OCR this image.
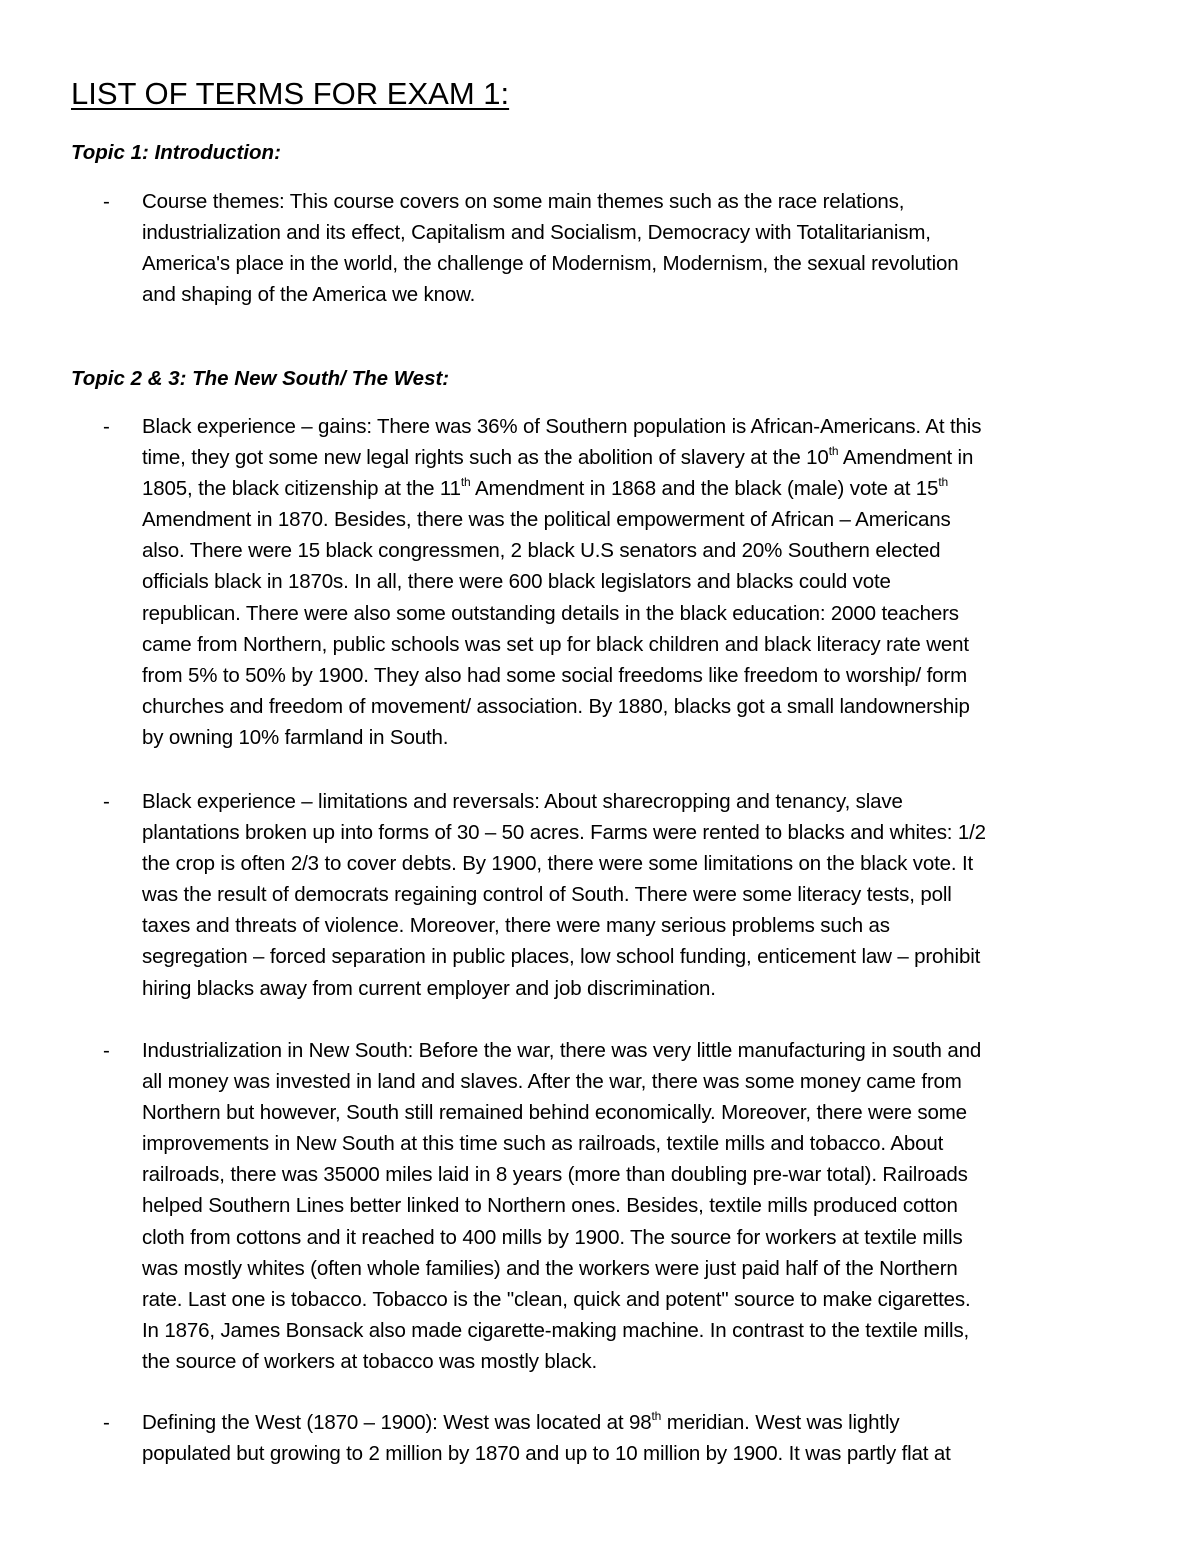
LIST OF TERMS FOR EXAM 1:
Topic 1: Introduction:
- Course themes: This course covers on some main themes such as the race relations,
industrialization and its effect, Capitalism and Socialism, Democracy with Totalitarianism,
America's place in the world, the challenge of Modernism, Modernism, the sexual revolution
and shaping of the America we know.
Topic 2 & 3: The New South/ The West:
- Black experience – gains: There was 36% of Southern population is African-Americans. At this
time, they got some new legal rights such as the abolition of slavery at the 10th Amendment in
1805, the black citizenship at the 11th Amendment in 1868 and the black (male) vote at 15th
Amendment in 1870. Besides, there was the political empowerment of African – Americans
also. There were 15 black congressmen, 2 black U.S senators and 20% Southern elected
officials black in 1870s. In all, there were 600 black legislators and blacks could vote
republican. There were also some outstanding details in the black education: 2000 teachers
came from Northern, public schools was set up for black children and black literacy rate went
from 5% to 50% by 1900. They also had some social freedoms like freedom to worship/ form
churches and freedom of movement/ association. By 1880, blacks got a small landownership
by owning 10% farmland in South.
- Black experience – limitations and reversals: About sharecropping and tenancy, slave
plantations broken up into forms of 30 – 50 acres. Farms were rented to blacks and whites: 1/2
the crop is often 2/3 to cover debts. By 1900, there were some limitations on the black vote. It
was the result of democrats regaining control of South. There were some literacy tests, poll
taxes and threats of violence. Moreover, there were many serious problems such as
segregation – forced separation in public places, low school funding, enticement law – prohibit
hiring blacks away from current employer and job discrimination.
- Industrialization in New South: Before the war, there was very little manufacturing in south and
all money was invested in land and slaves. After the war, there was some money came from
Northern but however, South still remained behind economically. Moreover, there were some
improvements in New South at this time such as railroads, textile mills and tobacco. About
railroads, there was 35000 miles laid in 8 years (more than doubling pre-war total). Railroads
helped Southern Lines better linked to Northern ones. Besides, textile mills produced cotton
cloth from cottons and it reached to 400 mills by 1900. The source for workers at textile mills
was mostly whites (often whole families) and the workers were just paid half of the Northern
rate. Last one is tobacco. Tobacco is the "clean, quick and potent" source to make cigarettes.
In 1876, James Bonsack also made cigarette-making machine. In contrast to the textile mills,
the source of workers at tobacco was mostly black.
- Defining the West (1870 – 1900): West was located at 98th meridian. West was lightly
populated but growing to 2 million by 1870 and up to 10 million by 1900. It was partly flat at
